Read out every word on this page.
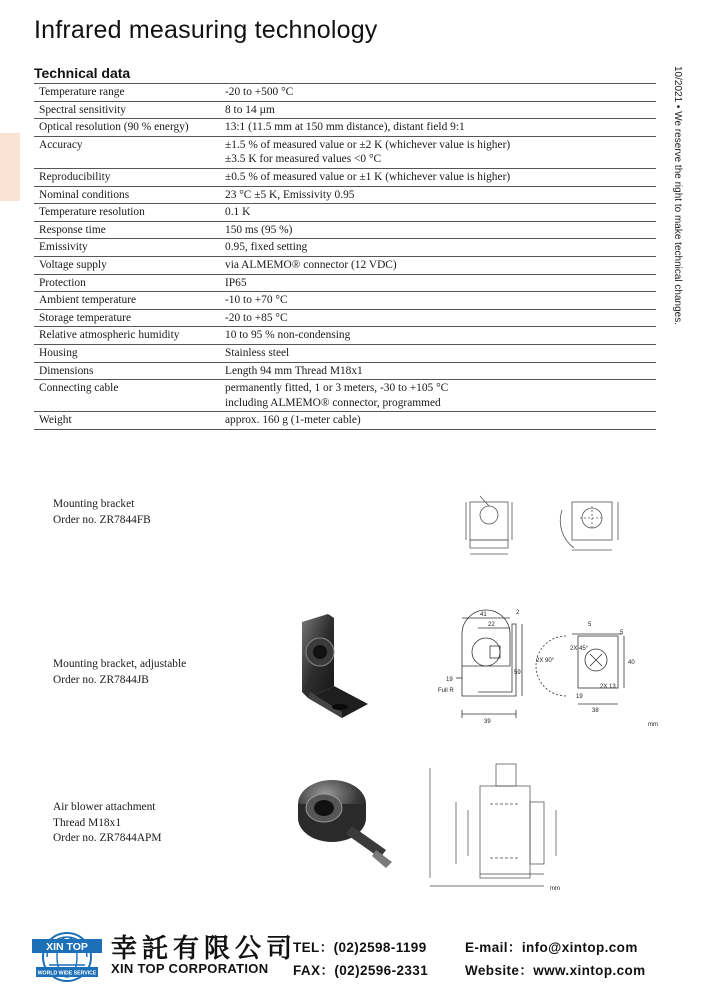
Infrared measuring technology
Technical data	10/2021 • We reserve the right to make technical changes.
Temperature range	-20 to +500 °C

Spectral sensitivity	8 to 14 µm

Optical resolution (90 % energy)	13:1 (11.5 mm at 150 mm distance), distant field 9:1

Accuracy	±1.5 % of measured value or ±2 K (whichever value is higher)
±3.5 K for measured values <0 °C

Reproducibility	±0.5 % of measured value or ±1 K (whichever value is higher)

Nominal conditions	23 °C ±5 K, Emissivity 0.95

Temperature resolution	0.1 K

Response time	150 ms (95 %)

Emissivity	0.95, fixed setting

Voltage supply	via ALMEMO® connector (12 VDC)

Protection	IP65

Ambient temperature	-10 to +70 °C

Storage temperature	-20 to +85 °C

Relative atmospheric humidity	10 to 95 % non-condensing

Housing	Stainless steel

Dimensions	Length 94 mm Thread M18x1

Connecting cable	permanently fitted, 1 or 3 meters, -30 to +105 °C
including ALMEMO® connector, programmed

Weight	approx. 160 g (1-meter cable)
Mounting bracket
Order no. ZR7844FB
Mounting bracket, adjustable
Order no. ZR7844JB
41
22
2
59
19
Full R
39
5
5
2X 45°
2X 90°	40
19
2X 13
38
mm
Air blower attachment
Thread M18x1
Order no. ZR7844APM
mm
XIN TOP
WORLD WIDE SERVICE
幸託有限公司
XIN TOP CORPORATION
TEL：(02)2598-1199
FAX：(02)2596-2331
E-mail：info@xintop.com
Website：www.xintop.com
